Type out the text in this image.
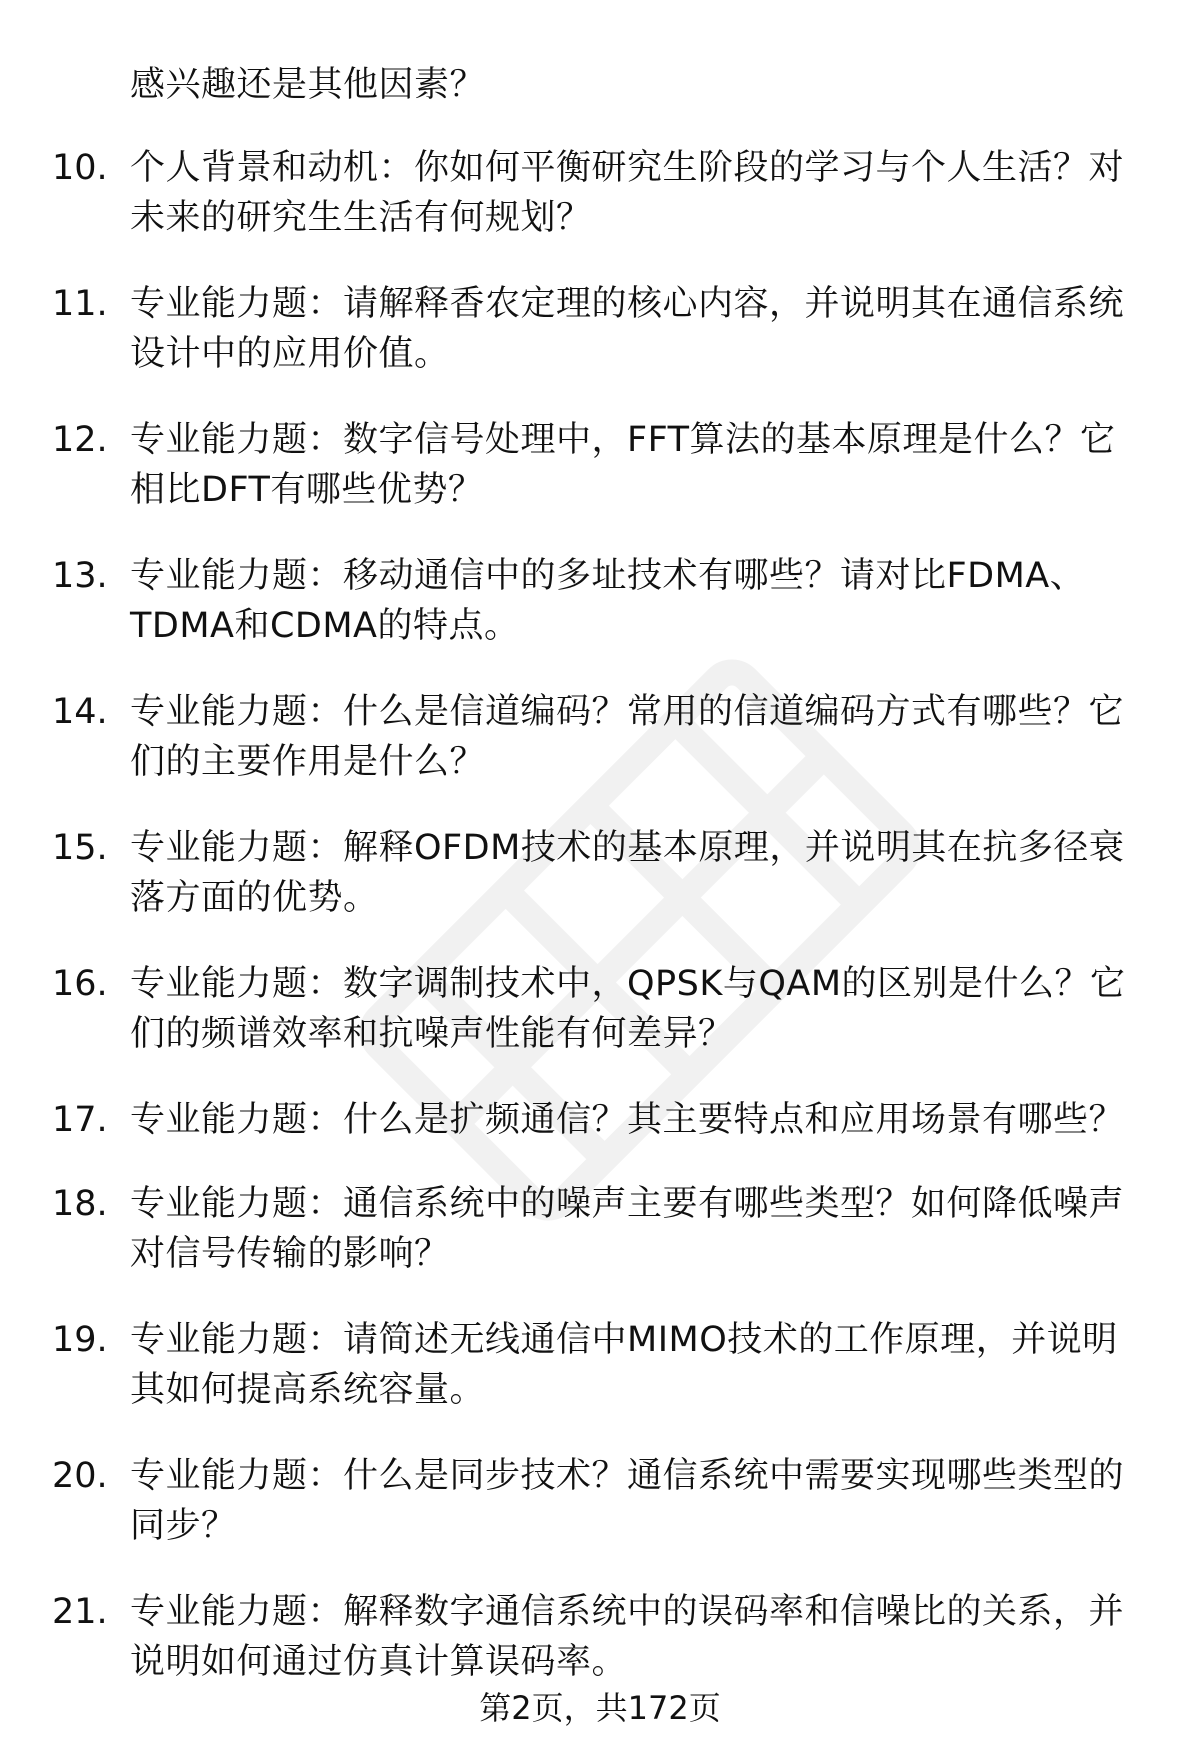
感兴趣还是其他因素？
10. 个人背景和动机：你如何平衡研究生阶段的学习与个人生活？对未来的研究生生活有何规划？
11. 专业能力题：请解释香农定理的核心内容，并说明其在通信系统设计中的应用价值。
12. 专业能力题：数字信号处理中，FFT算法的基本原理是什么？它相比DFT有哪些优势？
13. 专业能力题：移动通信中的多址技术有哪些？请对比FDMA、TDMA和CDMA的特点。
14. 专业能力题：什么是信道编码？常用的信道编码方式有哪些？它们的主要作用是什么？
15. 专业能力题：解释OFDM技术的基本原理，并说明其在抗多径衰落方面的优势。
16. 专业能力题：数字调制技术中，QPSK与QAM的区别是什么？它们的频谱效率和抗噪声性能有何差异？
17. 专业能力题：什么是扩频通信？其主要特点和应用场景有哪些？
18. 专业能力题：通信系统中的噪声主要有哪些类型？如何降低噪声对信号传输的影响？
19. 专业能力题：请简述无线通信中MIMO技术的工作原理，并说明其如何提高系统容量。
20. 专业能力题：什么是同步技术？通信系统中需要实现哪些类型的同步？
21. 专业能力题：解释数字通信系统中的误码率和信噪比的关系，并说明如何通过仿真计算误码率。
第2页，共172页
